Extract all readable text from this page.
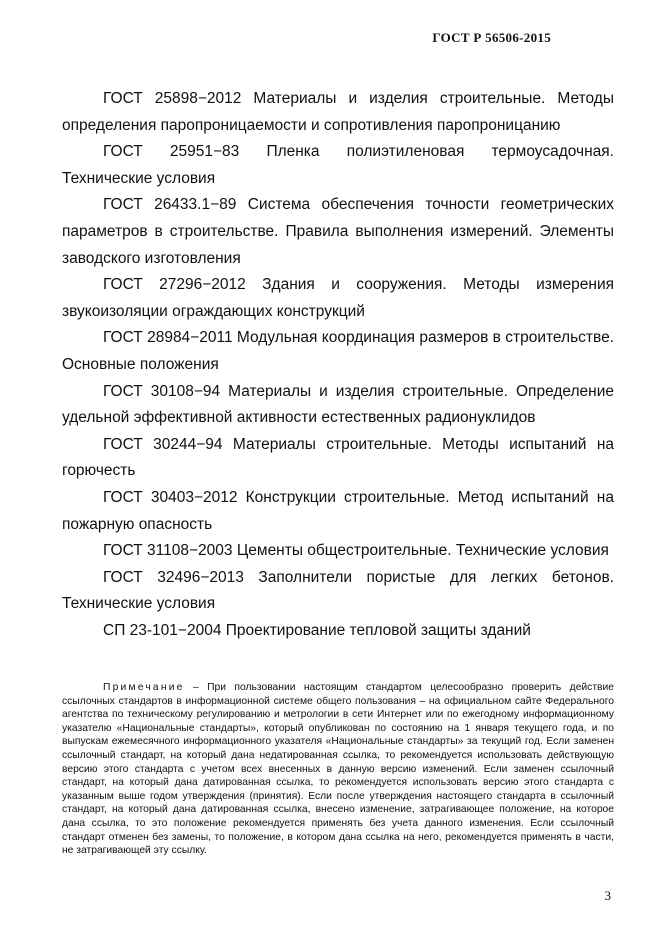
ГОСТ Р 56506-2015

ГОСТ 25898−2012 Материалы и изделия строительные. Методы определения паропроницаемости и сопротивления паропроницанию

ГОСТ 25951−83 Пленка полиэтиленовая термоусадочная. Технические условия

ГОСТ 26433.1−89 Система обеспечения точности геометрических параметров в строительстве. Правила выполнения измерений. Элементы заводского изготовления

ГОСТ 27296−2012 Здания и сооружения. Методы измерения звукоизоляции ограждающих конструкций

ГОСТ 28984−2011 Модульная координация размеров в строительстве. Основные положения

ГОСТ 30108−94 Материалы и изделия строительные. Определение удельной эффективной активности естественных радионуклидов

ГОСТ 30244−94 Материалы строительные. Методы испытаний на горючесть

ГОСТ 30403−2012 Конструкции строительные. Метод испытаний на пожарную опасность

ГОСТ 31108−2003 Цементы общестроительные. Технические условия

ГОСТ 32496−2013 Заполнители пористые для легких бетонов. Технические условия

СП 23-101−2004 Проектирование тепловой защиты зданий

Примечание – При пользовании настоящим стандартом целесообразно проверить действие ссылочных стандартов в информационной системе общего пользования – на официальном сайте Федерального агентства по техническому регулированию и метрологии в сети Интернет или по ежегодному информационному указателю «Национальные стандарты», который опубликован по состоянию на 1 января текущего года, и по выпускам ежемесячного информационного указателя «Национальные стандарты» за текущий год. Если заменен ссылочный стандарт, на который дана недатированная ссылка, то рекомендуется использовать действующую версию этого стандарта с учетом всех внесенных в данную версию изменений. Если заменен ссылочный стандарт, на который дана датированная ссылка, то рекомендуется использовать версию этого стандарта с указанным выше годом утверждения (принятия). Если после утверждения настоящего стандарта в ссылочный стандарт, на который дана датированная ссылка, внесено изменение, затрагивающее положение, на которое дана ссылка, то это положение рекомендуется применять без учета данного изменения. Если ссылочный стандарт отменен без замены, то положение, в котором дана ссылка на него, рекомендуется применять в части, не затрагивающей эту ссылку.
3
